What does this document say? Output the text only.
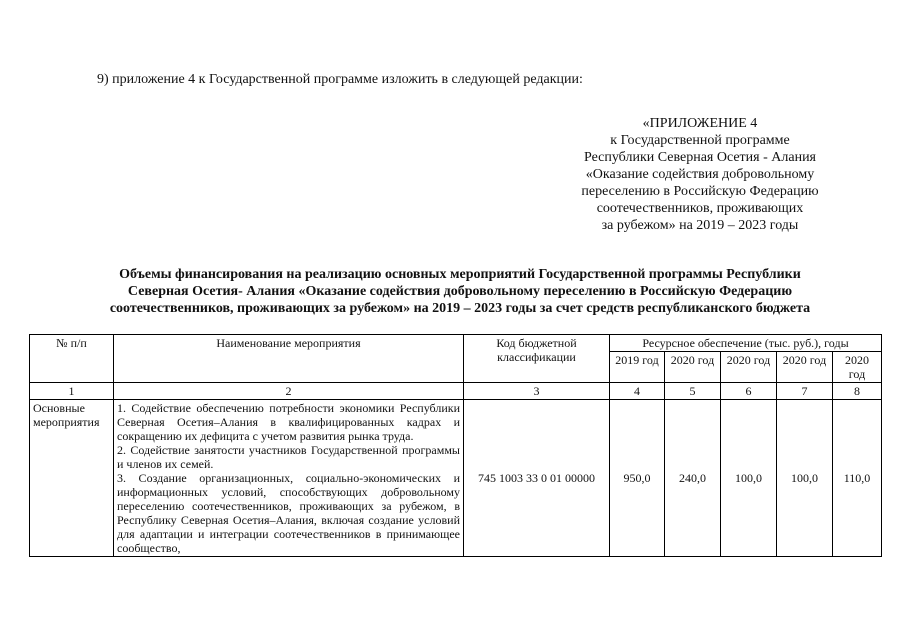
9) приложение 4 к Государственной программе изложить в следующей редакции:
«ПРИЛОЖЕНИЕ 4
к Государственной программе
Республики Северная Осетия - Алания
«Оказание содействия добровольному
переселению в Российскую Федерацию
соотечественников, проживающих
за рубежом» на 2019 – 2023 годы
Объемы финансирования на реализацию основных мероприятий Государственной программы Республики
Северная Осетия- Алания «Оказание содействия добровольному переселению в Российскую Федерацию
соотечественников, проживающих за рубежом» на 2019 – 2023 годы за счет средств республиканского бюджета
№ п/п	Наименование мероприятия	Код бюджетной классификации	Ресурсное обеспечение (тыс. руб.), годы				
			2019 год	2020 год	2020 год	2020 год	2020 год
1	2	3	4	5	6	7	8
Основные мероприятия	1. Содействие обеспечению потребности экономики Республики Северная Осетия–Алания в квалифицированных кадрах и сокращению их дефицита с учетом развития рынка труда.

2. Содействие занятости участников Государственной программы и членов их семей.

3. Создание организационных, социально-экономических и информационных условий, способствующих добровольному переселению соотечественников, проживающих за рубежом, в Республику Северная Осетия–Алания, включая создание условий для адаптации и интеграции соотечественников в принимающее сообщество,	745 1003 33 0 01 00000	950,0	240,0	100,0	100,0	110,0
